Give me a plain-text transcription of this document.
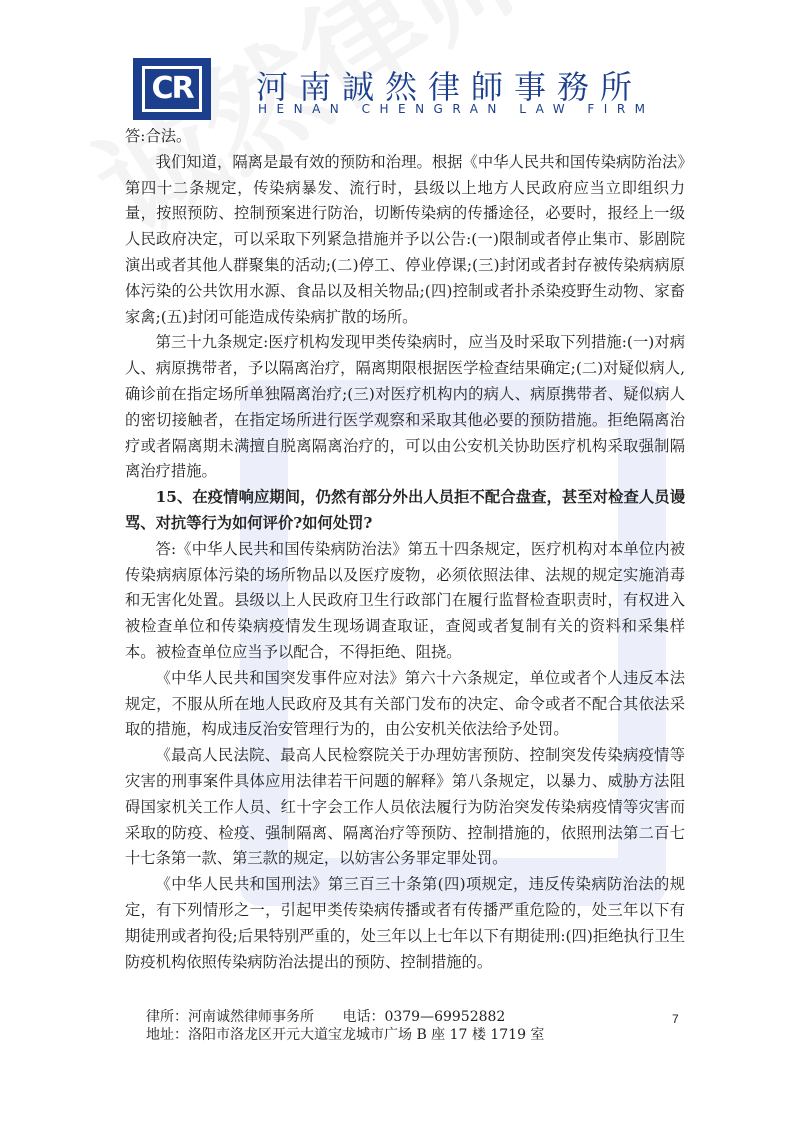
CR 河南誠然律師事務所
HENAN CHENGRAN LAW FIRM

答:合法。

我们知道，隔离是最有效的预防和治理。根据《中华人民共和国传染病防治法》第四十二条规定，传染病暴发、流行时，县级以上地方人民政府应当立即组织力量，按照预防、控制预案进行防治，切断传染病的传播途径，必要时，报经上一级人民政府决定，可以采取下列紧急措施并予以公告:(一)限制或者停止集市、影剧院演出或者其他人群聚集的活动;(二)停工、停业停课;(三)封闭或者封存被传染病病原体污染的公共饮用水源、食品以及相关物品;(四)控制或者扑杀染疫野生动物、家畜家禽;(五)封闭可能造成传染病扩散的场所。

第三十九条规定:医疗机构发现甲类传染病时，应当及时采取下列措施:(一)对病人、病原携带者，予以隔离治疗，隔离期限根据医学检查结果确定;(二)对疑似病人,确诊前在指定场所单独隔离治疗;(三)对医疗机构内的病人、病原携带者、疑似病人的密切接触者，在指定场所进行医学观察和采取其他必要的预防措施。拒绝隔离治疗或者隔离期未满擅自脱离隔离治疗的，可以由公安机关协助医疗机构采取强制隔离治疗措施。

15、在疫情响应期间，仍然有部分外出人员拒不配合盘查，甚至对检查人员谩骂、对抗等行为如何评价?如何处罚?

答:《中华人民共和国传染病防治法》第五十四条规定，医疗机构对本单位内被传染病病原体污染的场所物品以及医疗废物，必须依照法律、法规的规定实施消毒和无害化处置。县级以上人民政府卫生行政部门在履行监督检查职责时，有权进入被检查单位和传染病疫情发生现场调查取证，查阅或者复制有关的资料和采集样本。被检查单位应当予以配合，不得拒绝、阻挠。

《中华人民共和国突发事件应对法》第六十六条规定，单位或者个人违反本法规定，不服从所在地人民政府及其有关部门发布的决定、命令或者不配合其依法采取的措施，构成违反治安管理行为的，由公安机关依法给予处罚。

《最高人民法院、最高人民检察院关于办理妨害预防、控制突发传染病疫情等灾害的刑事案件具体应用法律若干问题的解释》第八条规定，以暴力、威胁方法阻碍国家机关工作人员、红十字会工作人员依法履行为防治突发传染病疫情等灾害而采取的防疫、检疫、强制隔离、隔离治疗等预防、控制措施的，依照刑法第二百七十七条第一款、第三款的规定，以妨害公务罪定罪处罚。

《中华人民共和国刑法》第三百三十条第(四)项规定，违反传染病防治法的规定，有下列情形之一，引起甲类传染病传播或者有传播严重危险的，处三年以下有期徒刑或者拘役;后果特别严重的，处三年以上七年以下有期徒刑:(四)拒绝执行卫生防疫机构依照传染病防治法提出的预防、控制措施的。

律所：河南诚然律师事务所 电话：0379—69952882
地址：洛阳市洛龙区开元大道宝龙城市广场 B 座 17 楼 1719 室
7
